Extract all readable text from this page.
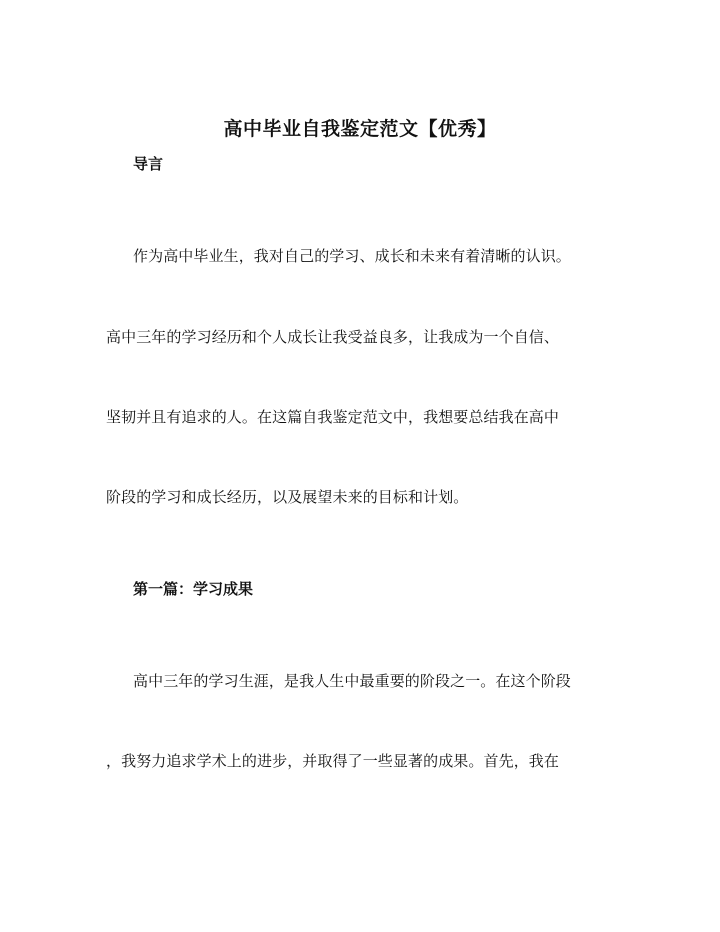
高中毕业自我鉴定范文【优秀】
导言
作为高中毕业生，我对自己的学习、成长和未来有着清晰的认识。
高中三年的学习经历和个人成长让我受益良多，让我成为一个自信、
坚韧并且有追求的人。在这篇自我鉴定范文中，我想要总结我在高中
阶段的学习和成长经历，以及展望未来的目标和计划。
第一篇：学习成果
高中三年的学习生涯，是我人生中最重要的阶段之一。在这个阶段
，我努力追求学术上的进步，并取得了一些显著的成果。首先，我在
